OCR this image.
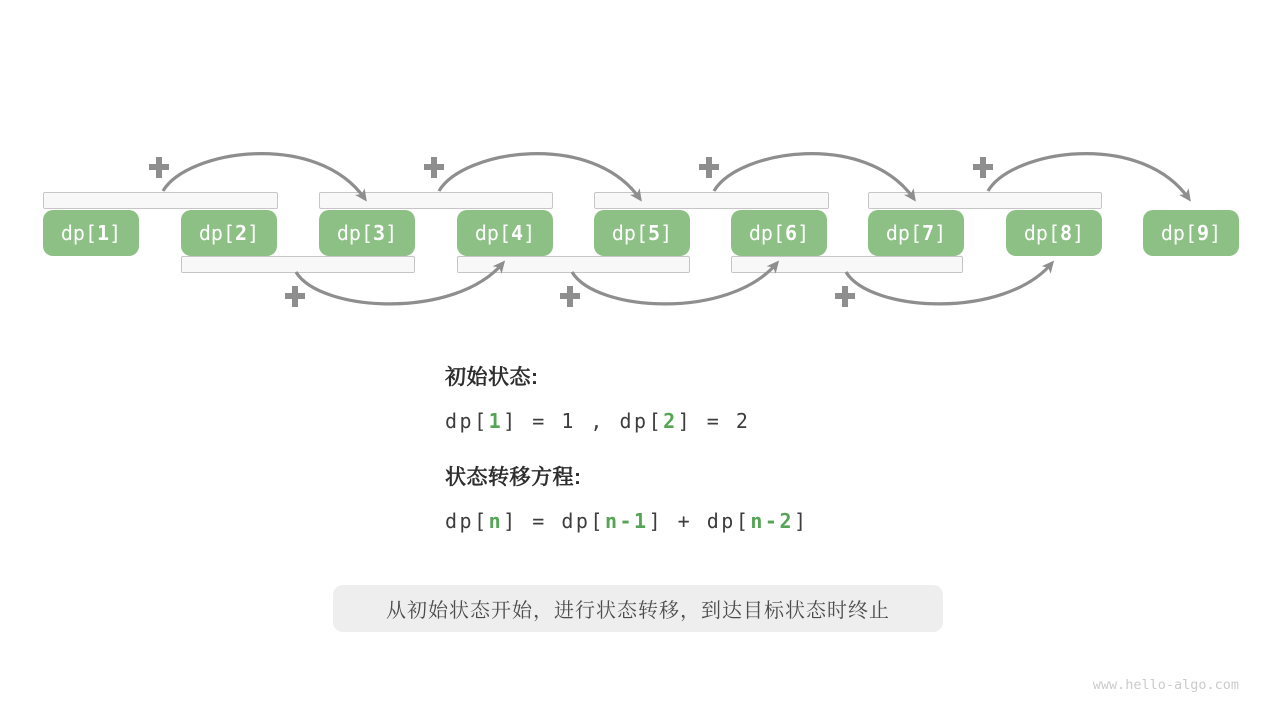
dp[ 1 ]	dp[ 2 ]	dp[ 3 ]	dp[ 4 ]	dp[ 5 ]	dp[ 6 ]	dp[ 7 ]	dp[ 8 ]	dp[ 9 ]
初始状态:
dp[1] = 1 , dp[2] = 2
状态转移方程:
dp[n] = dp[n-1] + dp[n-2]
从初始状态开始，进行状态转移，到达目标状态时终止
www.hello-algo.com
